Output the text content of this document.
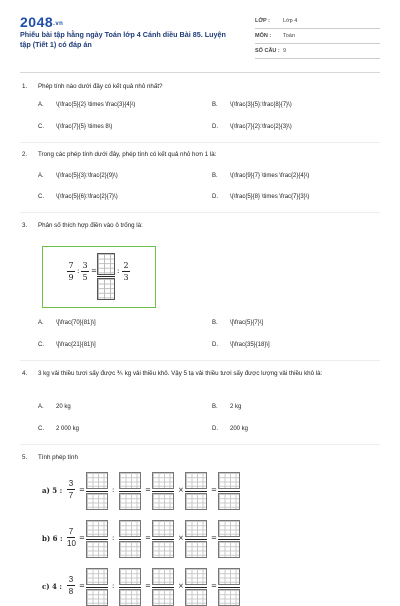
2048.vn
Phiếu bài tập hằng ngày Toán lớp 4 Cánh diều Bài 85. Luyện tập (Tiết 1) có đáp án
LỚP : Lớp 4
MÔN : Toán
SỐ CÂU : 9
1. Phép tính nào dưới đây có kết quả nhỏ nhất?
A. \(\frac{5}{2} \times \frac{3}{4}\)	B. \(\frac{3}{5}:\frac{8}{7}\)
C. \(\frac{7}{5} \times 8\)	D. \(\frac{7}{2}:\frac{2}{3}\)
2. Trong các phép tính dưới đây, phép tính có kết quả nhỏ hơn 1 là:
A. \(\frac{5}{3}:\frac{2}{9}\)	B. \(\frac{9}{7} \times \frac{2}{4}\)
C. \(\frac{5}{6}:\frac{2}{7}\)	D. \(\frac{5}{8} \times \frac{7}{3}\)
3. Phân số thích hợp điền vào ô trống là:
7
9
:
3
5
=	:
2
3
A. \[\frac{70}{81}\]	B. \[\frac{5}{7}\]
C. \[\frac{21}{81}\]	D. \[\frac{35}{18}\]
4. 3 kg vải thiều tươi sấy được ⅗ kg vải thiều khô. Vậy 5 tạ vải thiều tươi sấy được lượng vải thiều khô là:
A. 20 kg	B. 2 kg
C. 2 000 kg	D. 200 kg
5. Tính phép tính
a) 5 :
3
7
=	:	=	×	=
b) 6 :
7
10
=	:	=	×	=
c) 4 :
3
8
=	:	=	×	=
